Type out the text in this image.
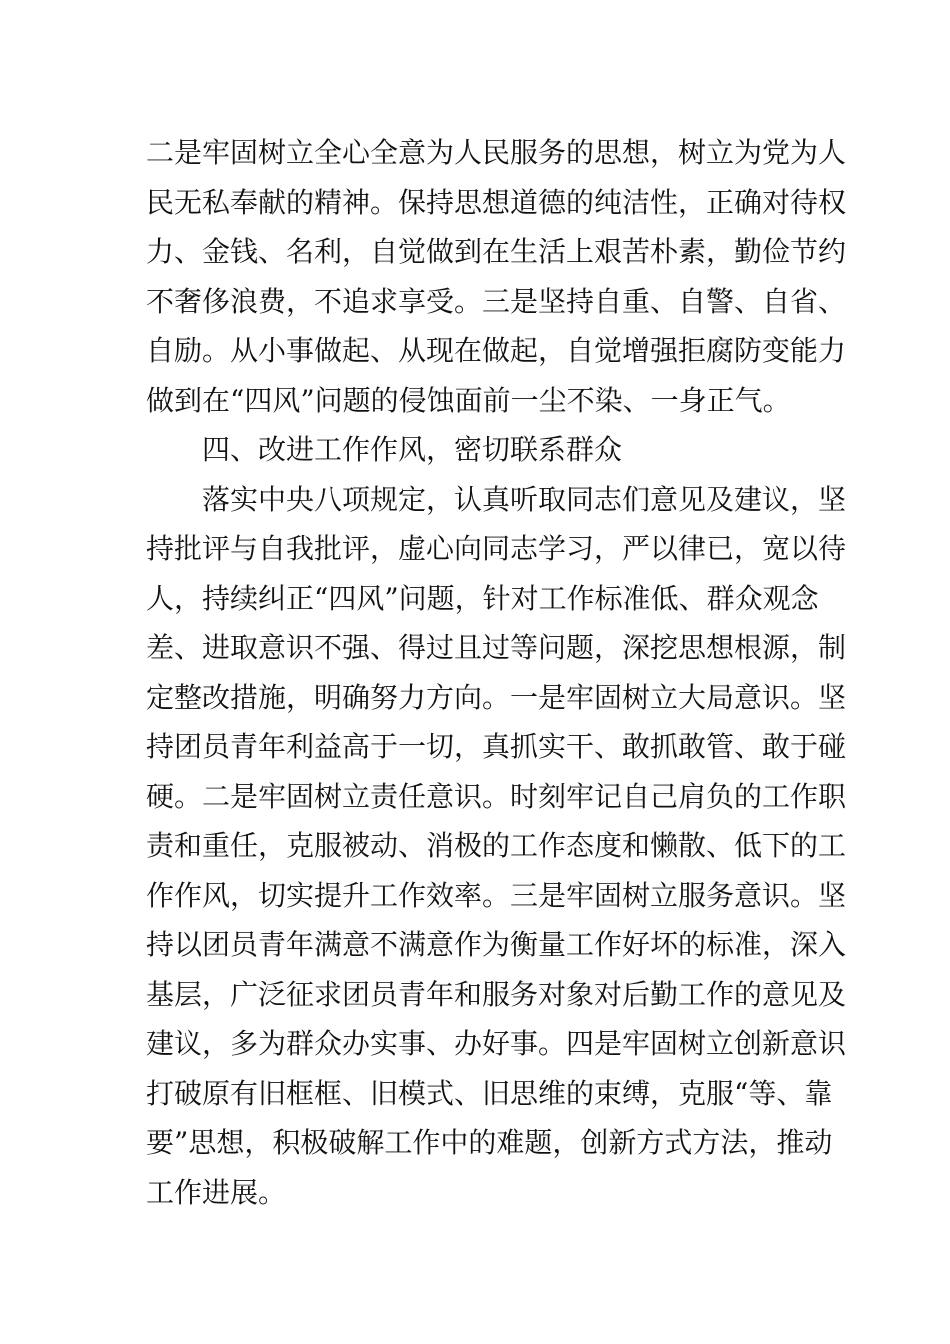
二是牢固树立全心全意为人民服务的思想，树立为党为人
民无私奉献的精神。保持思想道德的纯洁性，正确对待权
力、金钱、名利，自觉做到在生活上艰苦朴素，勤俭节约
不奢侈浪费，不追求享受。三是坚持自重、自警、自省、
自励。从小事做起、从现在做起，自觉增强拒腐防变能力
做到在“四风”问题的侵蚀面前一尘不染、一身正气。
四、改进工作作风，密切联系群众
落实中央八项规定，认真听取同志们意见及建议，坚
持批评与自我批评，虚心向同志学习，严以律已，宽以待
人，持续纠正“四风”问题，针对工作标准低、群众观念
差、进取意识不强、得过且过等问题，深挖思想根源，制
定整改措施，明确努力方向。一是牢固树立大局意识。坚
持团员青年利益高于一切，真抓实干、敢抓敢管、敢于碰
硬。二是牢固树立责任意识。时刻牢记自己肩负的工作职
责和重任，克服被动、消极的工作态度和懒散、低下的工
作作风，切实提升工作效率。三是牢固树立服务意识。坚
持以团员青年满意不满意作为衡量工作好坏的标准，深入
基层，广泛征求团员青年和服务对象对后勤工作的意见及
建议，多为群众办实事、办好事。四是牢固树立创新意识
打破原有旧框框、旧模式、旧思维的束缚，克服“等、靠
要”思想，积极破解工作中的难题，创新方式方法，推动
工作进展。
